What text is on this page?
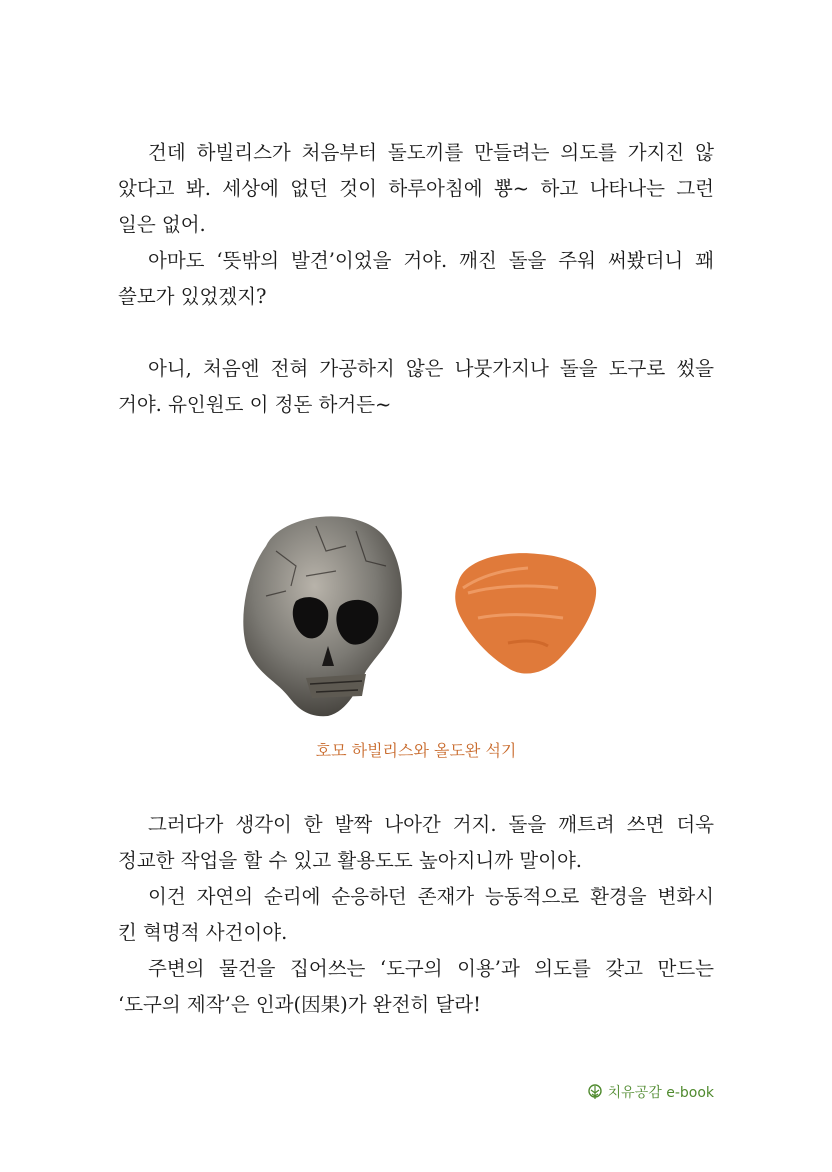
건데 하빌리스가 처음부터 돌도끼를 만들려는 의도를 가지진 않
았다고 봐. 세상에 없던 것이 하루아침에 뿅~ 하고 나타나는 그런
일은 없어.

아마도 ‘뜻밖의 발견’이었을 거야. 깨진 돌을 주워 써봤더니 꽤
쓸모가 있었겠지?

아니, 처음엔 전혀 가공하지 않은 나뭇가지나 돌을 도구로 썼을
거야. 유인원도 이 정돈 하거든~

호모 하빌리스와 올도완 석기

그러다가 생각이 한 발짝 나아간 거지. 돌을 깨트려 쓰면 더욱
정교한 작업을 할 수 있고 활용도도 높아지니까 말이야.

이건 자연의 순리에 순응하던 존재가 능동적으로 환경을 변화시
킨 혁명적 사건이야.

주변의 물건을 집어쓰는 ‘도구의 이용’과 의도를 갖고 만드는
‘도구의 제작’은 인과(因果)가 완전히 달라!

치유공감 e-book
